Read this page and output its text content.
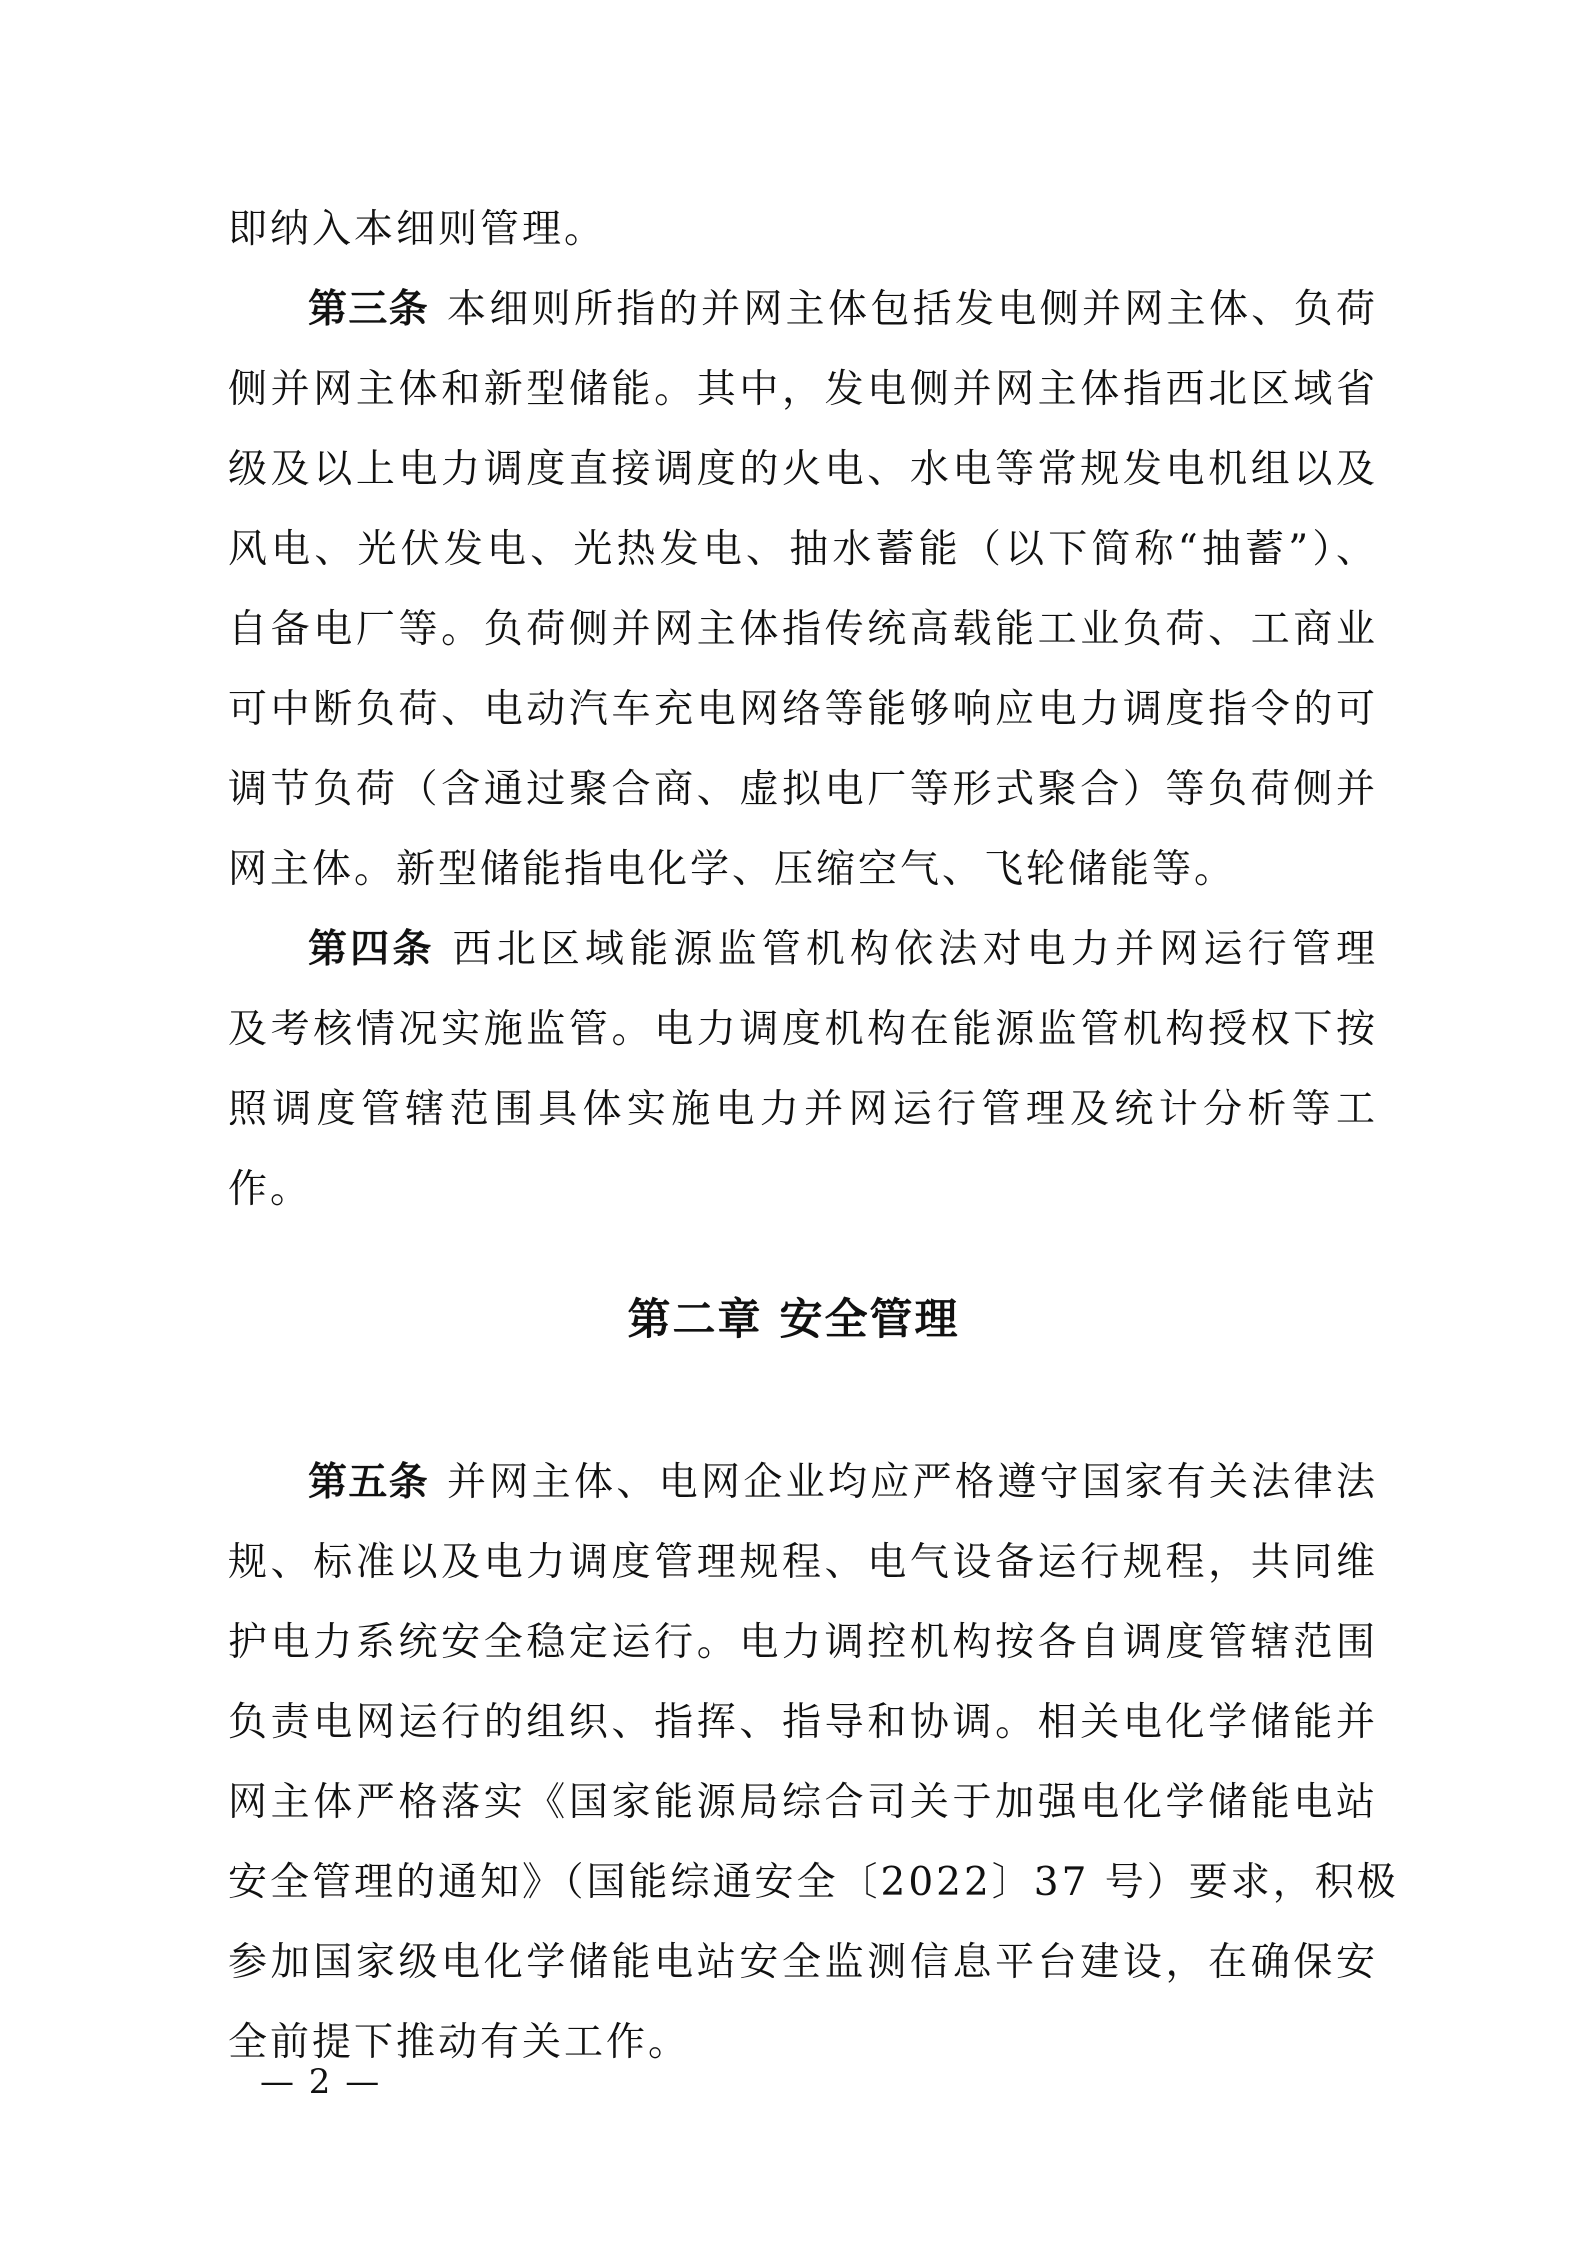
即纳入本细则管理。
第三条 本细则所指的并网主体包括发电侧并网主体、负荷
侧并网主体和新型储能。其中，发电侧并网主体指西北区域省
级及以上电力调度直接调度的火电、水电等常规发电机组以及
风电、光伏发电、光热发电、抽水蓄能（以下简称“抽蓄”）、
自备电厂等。负荷侧并网主体指传统高载能工业负荷、工商业
可中断负荷、电动汽车充电网络等能够响应电力调度指令的可
调节负荷（含通过聚合商、虚拟电厂等形式聚合）等负荷侧并
网主体。新型储能指电化学、压缩空气、飞轮储能等。
第四条 西北区域能源监管机构依法对电力并网运行管理
及考核情况实施监管。电力调度机构在能源监管机构授权下按
照调度管辖范围具体实施电力并网运行管理及统计分析等工
作。
第二章 安全管理
第五条 并网主体、电网企业均应严格遵守国家有关法律法
规、标准以及电力调度管理规程、电气设备运行规程，共同维
护电力系统安全稳定运行。电力调控机构按各自调度管辖范围
负责电网运行的组织、指挥、指导和协调。相关电化学储能并
网主体严格落实《国家能源局综合司关于加强电化学储能电站
安全管理的通知》（国能综通安全〔2022〕37 号）要求，积极
参加国家级电化学储能电站安全监测信息平台建设，在确保安
全前提下推动有关工作。
— 2 —
